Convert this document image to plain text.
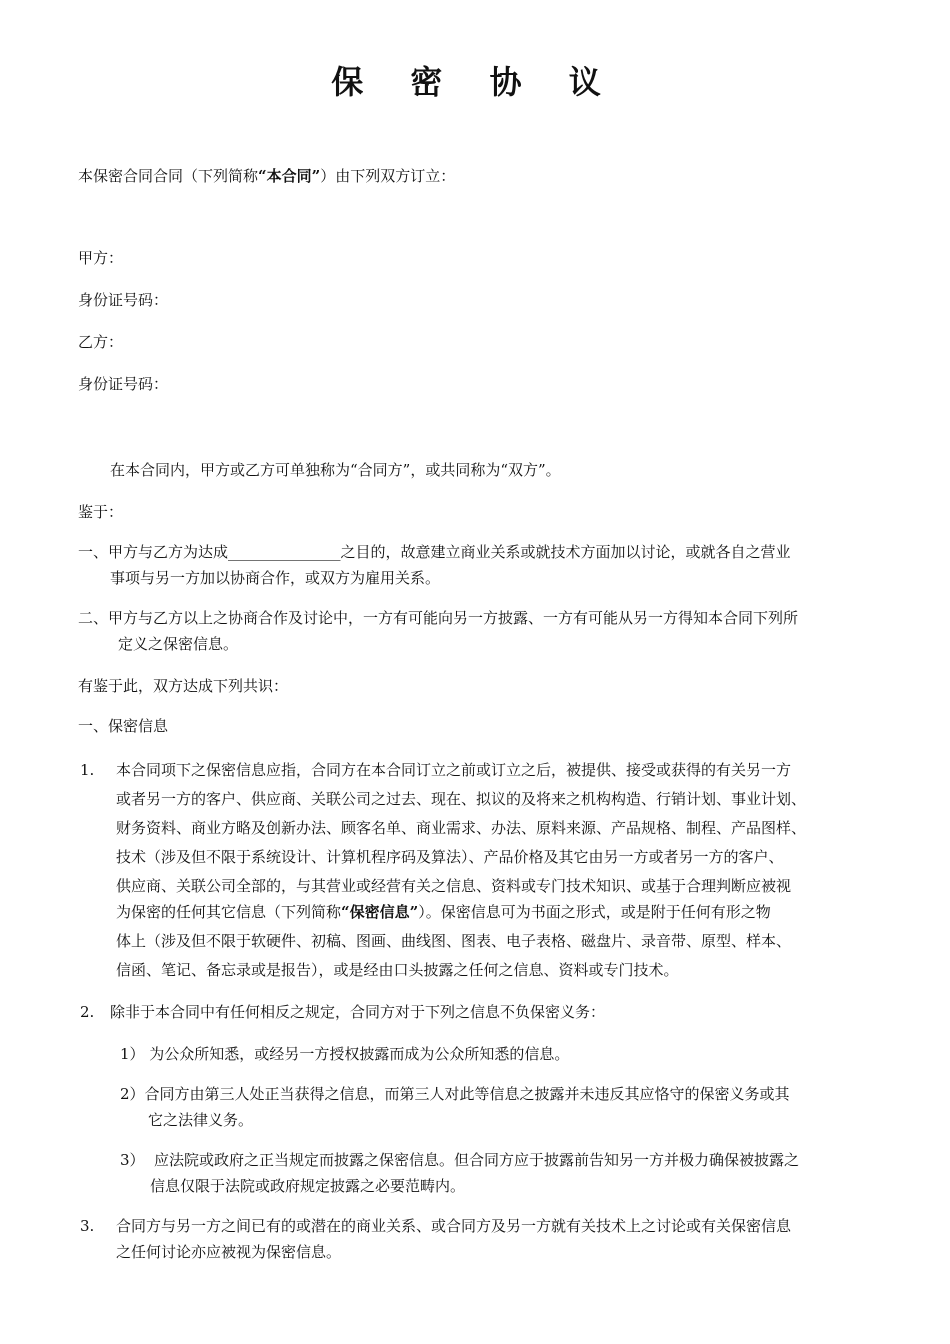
保 密 协 议
本保密合同合同（下列简称“本合同”）由下列双方订立：
甲方：
身份证号码：
乙方：
身份证号码：
在本合同内，甲方或乙方可单独称为“合同方”，或共同称为“双方”。
鉴于：
一、甲方与乙方为达成_______________之目的，故意建立商业关系或就技术方面加以讨论，或就各自之营业
事项与另一方加以协商合作，或双方为雇用关系。
二、甲方与乙方以上之协商合作及讨论中，一方有可能向另一方披露、一方有可能从另一方得知本合同下列所
定义之保密信息。
有鉴于此，双方达成下列共识：
一、保密信息
1. 本合同项下之保密信息应指，合同方在本合同订立之前或订立之后，被提供、接受或获得的有关另一方
或者另一方的客户、供应商、关联公司之过去、现在、拟议的及将来之机构构造、行销计划、事业计划、
财务资料、商业方略及创新办法、顾客名单、商业需求、办法、原料来源、产品规格、制程、产品图样、
技术（涉及但不限于系统设计、计算机程序码及算法）、产品价格及其它由另一方或者另一方的客户、
供应商、关联公司全部的，与其营业或经营有关之信息、资料或专门技术知识、或基于合理判断应被视
为保密的任何其它信息（下列简称“保密信息”）。保密信息可为书面之形式，或是附于任何有形之物
体上（涉及但不限于软硬件、初稿、图画、曲线图、图表、电子表格、磁盘片、录音带、原型、样本、
信函、笔记、备忘录或是报告），或是经由口头披露之任何之信息、资料或专门技术。
2. 除非于本合同中有任何相反之规定，合同方对于下列之信息不负保密义务：
1） 为公众所知悉，或经另一方授权披露而成为公众所知悉的信息。
2）合同方由第三人处正当获得之信息，而第三人对此等信息之披露并未违反其应恪守的保密义务或其
它之法律义务。
3） 应法院或政府之正当规定而披露之保密信息。但合同方应于披露前告知另一方并极力确保被披露之
信息仅限于法院或政府规定披露之必要范畴内。
3. 合同方与另一方之间已有的或潜在的商业关系、或合同方及另一方就有关技术上之讨论或有关保密信息
之任何讨论亦应被视为保密信息。
